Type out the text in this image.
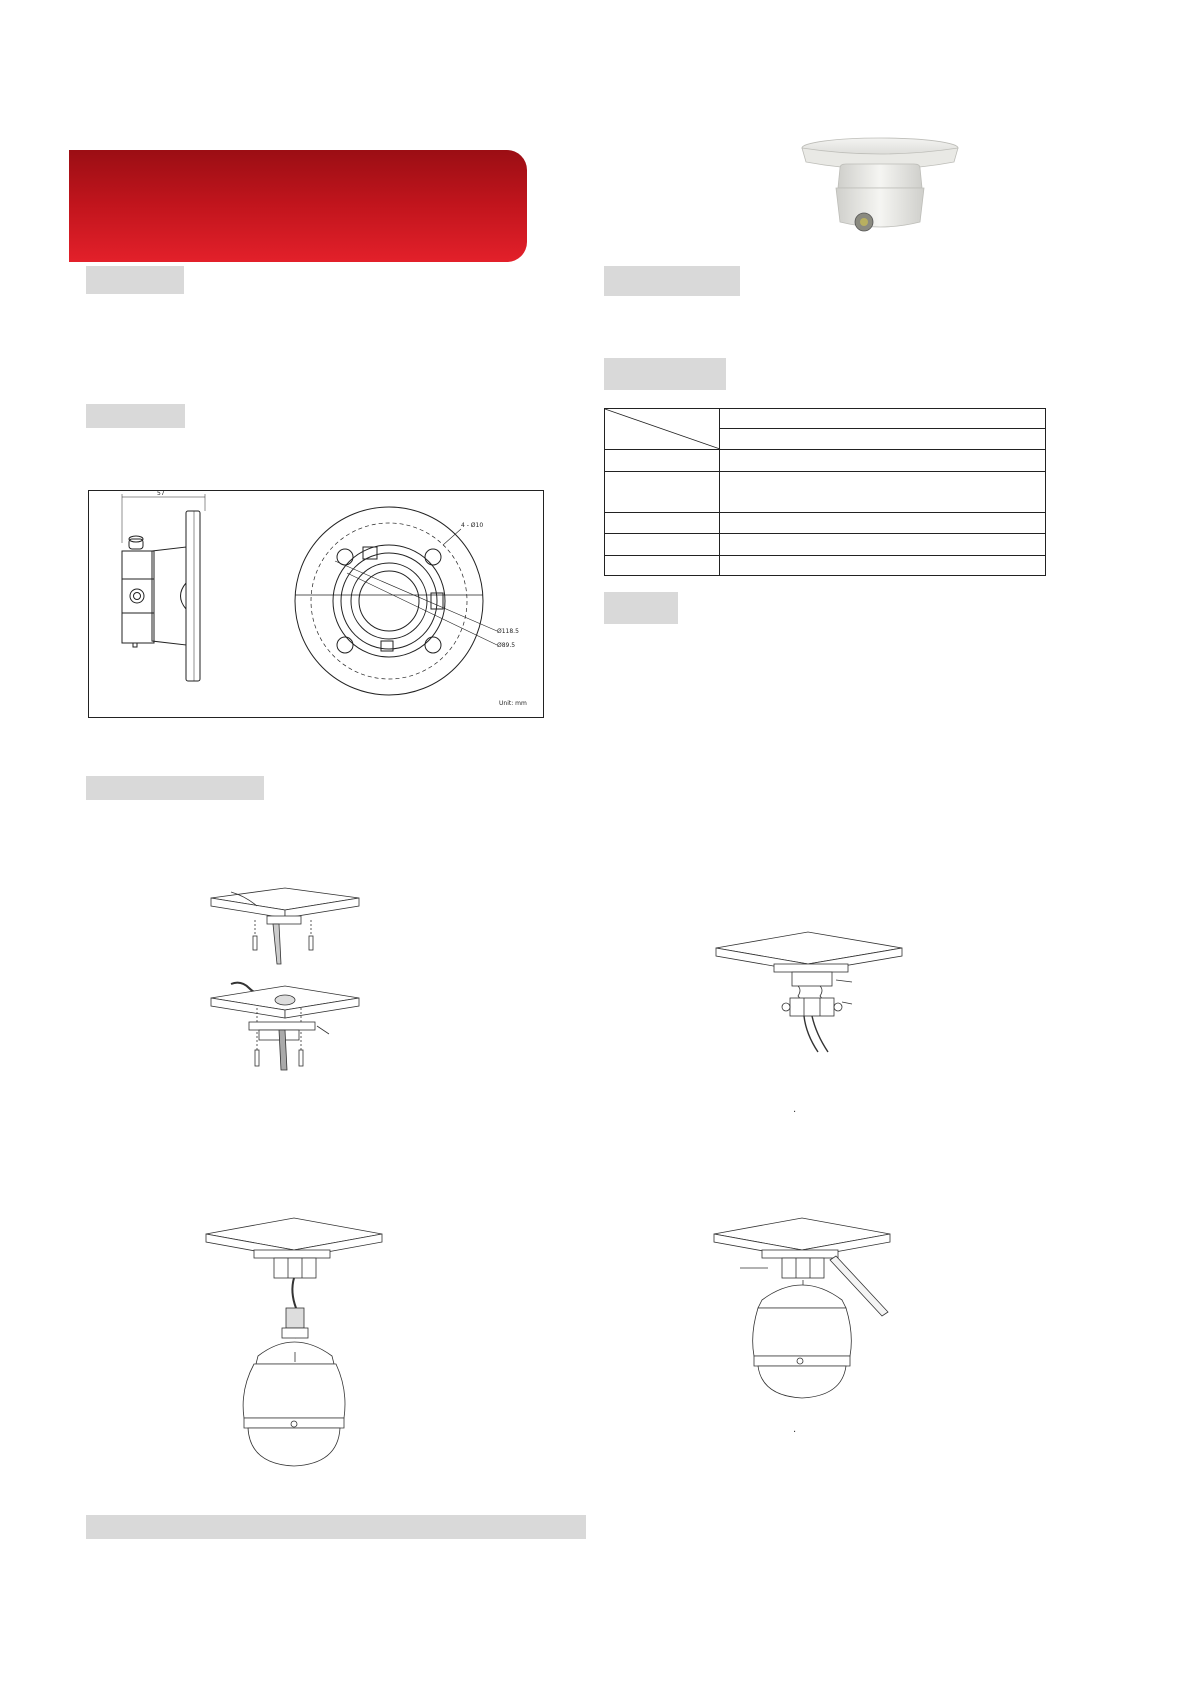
57
4 - Ø10
Ø118.5
Ø89.5
Unit: mm

.
.
